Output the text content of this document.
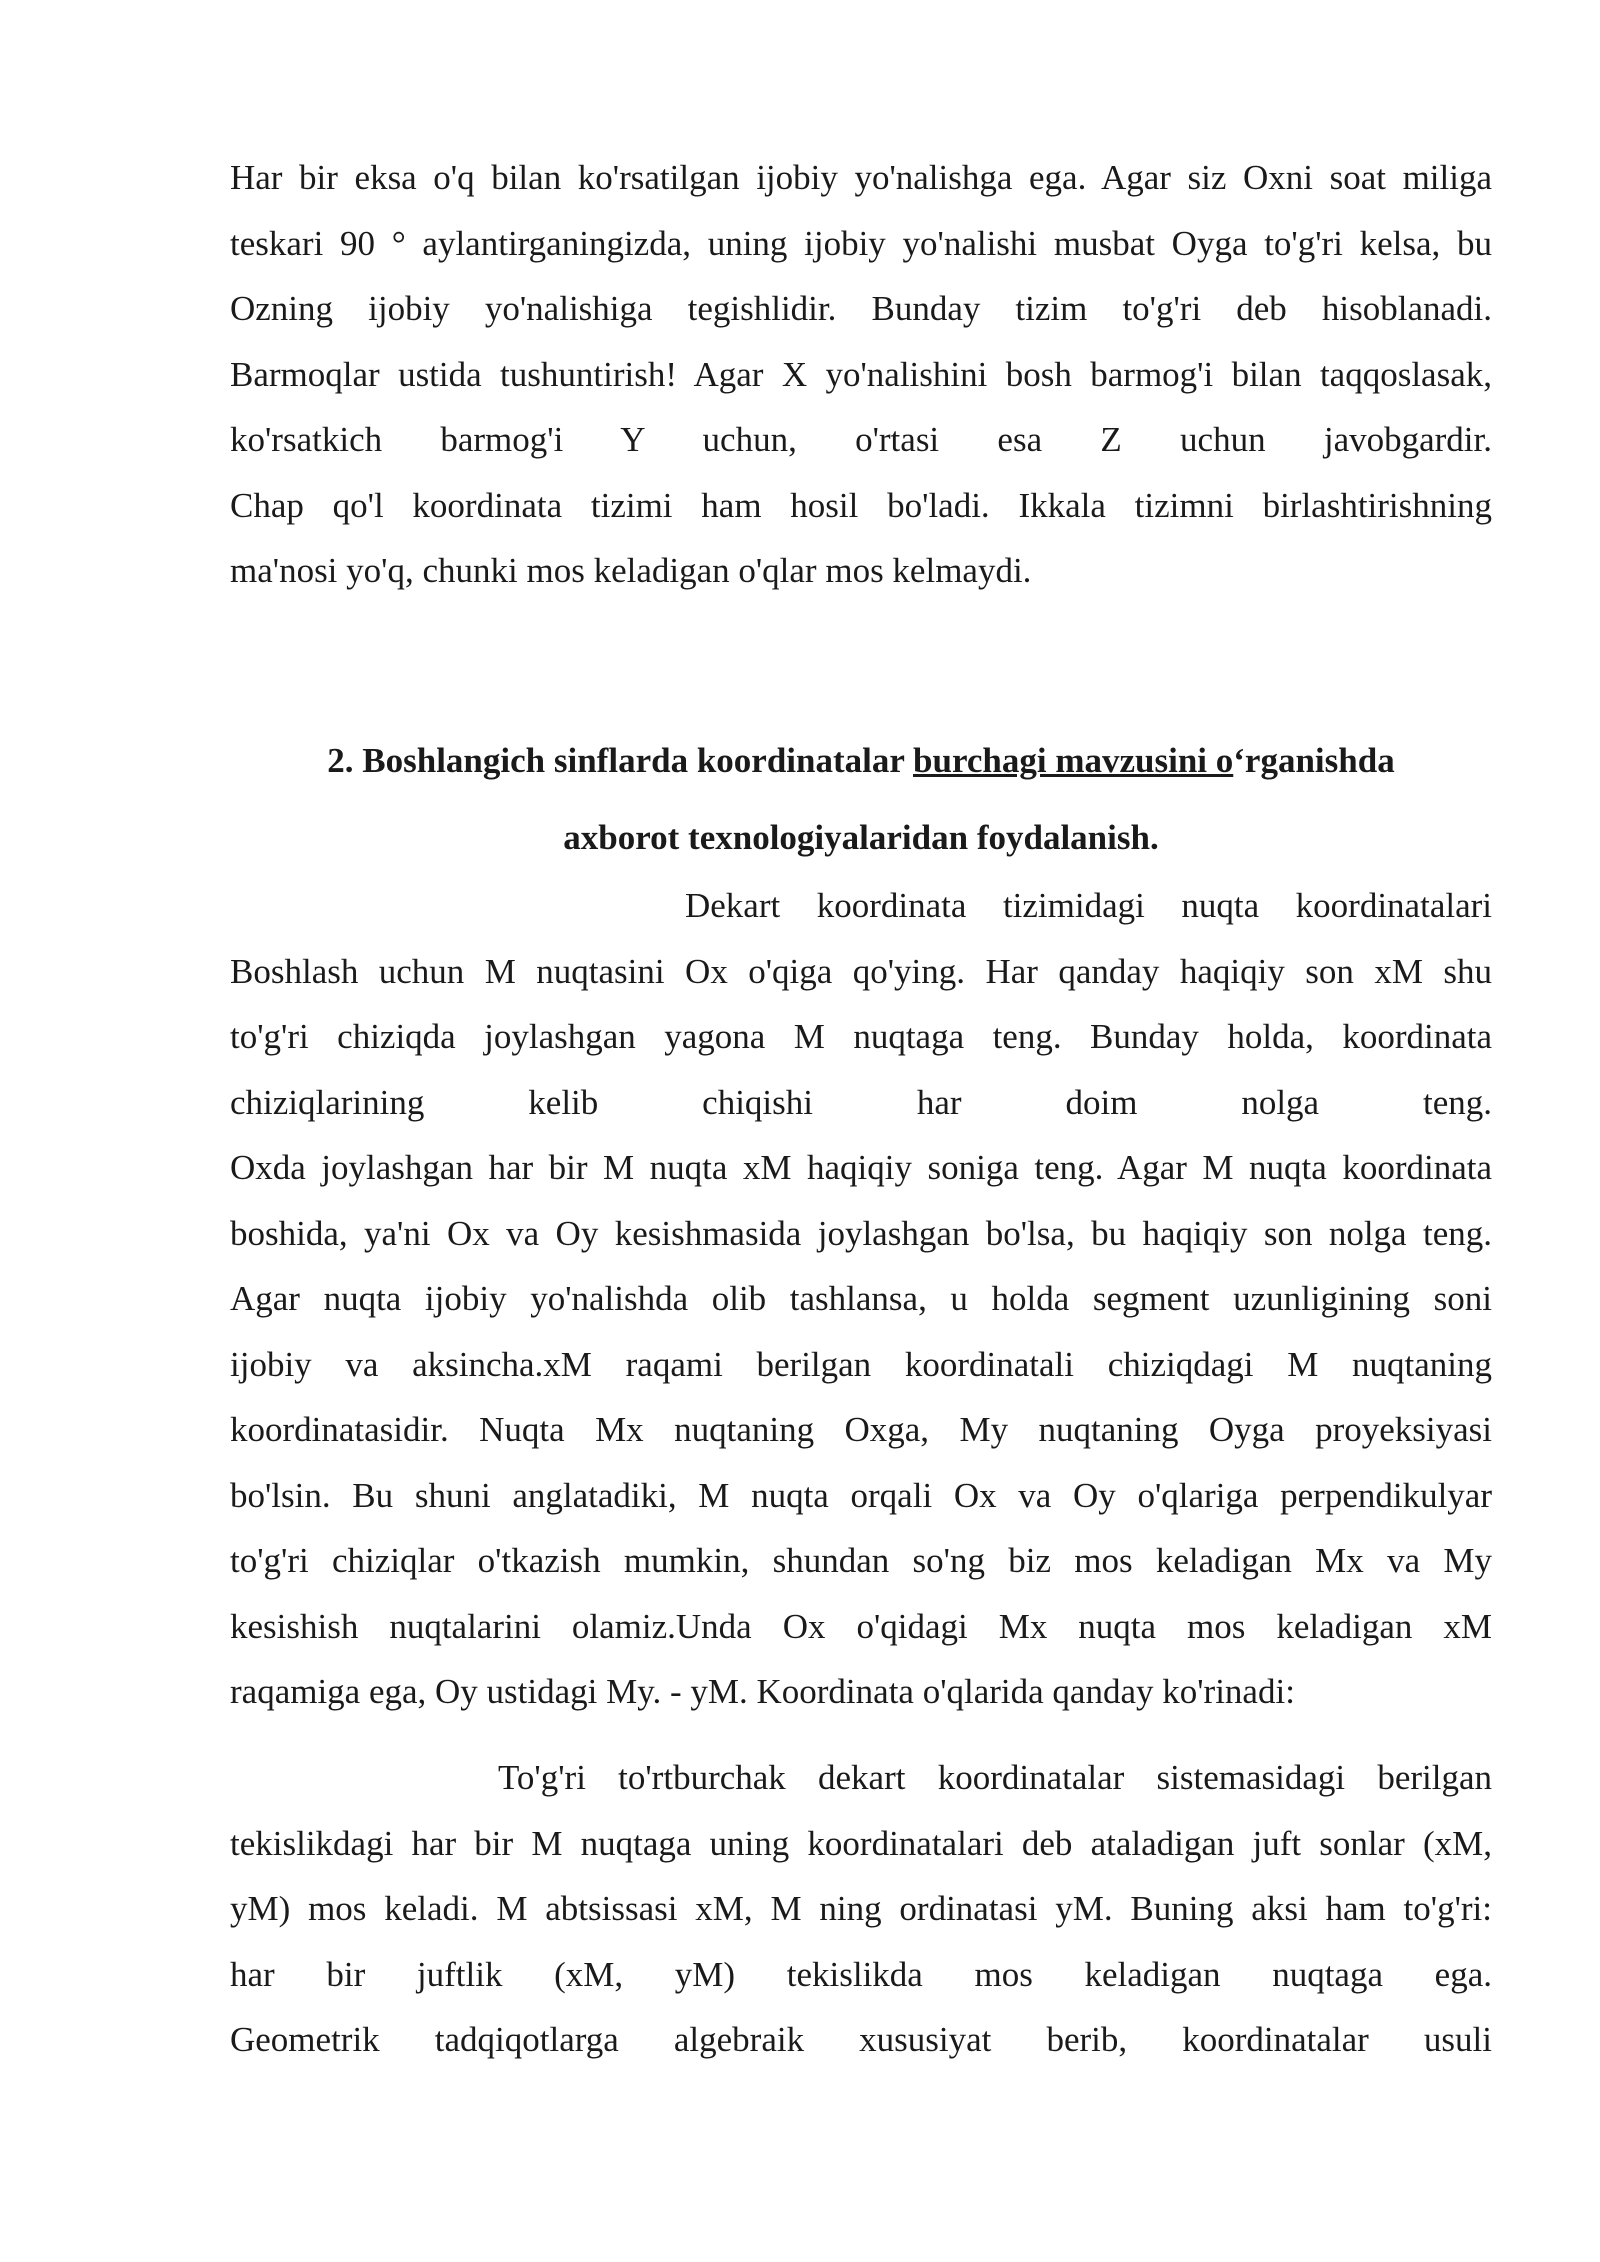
Har bir eksa o'q bilan ko'rsatilgan ijobiy yo'nalishga ega. Agar siz Oxni soat miliga
teskari 90 ° aylantirganingizda, uning ijobiy yo'nalishi musbat Oyga to'g'ri kelsa, bu
Ozning ijobiy yo'nalishiga tegishlidir. Bunday tizim to'g'ri deb hisoblanadi.
Barmoqlar ustida tushuntirish! Agar X yo'nalishini bosh barmog'i bilan taqqoslasak,
ko'rsatkich barmog'i Y uchun, o'rtasi esa Z uchun javobgardir.
Chap qo'l koordinata tizimi ham hosil bo'ladi. Ikkala tizimni birlashtirishning
ma'nosi yo'q, chunki mos keladigan o'qlar mos kelmaydi.
2. Boshlangich sinflarda koordinatalar burchagi mavzusini o‘rganishda
axborot texnologiyalaridan foydalanish.
Dekart koordinata tizimidagi nuqta koordinatalari
Boshlash uchun M nuqtasini Ox o'qiga qo'ying. Har qanday haqiqiy son xM shu
to'g'ri chiziqda joylashgan yagona M nuqtaga teng. Bunday holda, koordinata
chiziqlarining kelib chiqishi har doim nolga teng.
Oxda joylashgan har bir M nuqta xM haqiqiy soniga teng. Agar M nuqta koordinata
boshida, ya'ni Ox va Oy kesishmasida joylashgan bo'lsa, bu haqiqiy son nolga teng.
Agar nuqta ijobiy yo'nalishda olib tashlansa, u holda segment uzunligining soni
ijobiy va aksincha.xM raqami berilgan koordinatali chiziqdagi M nuqtaning
koordinatasidir. Nuqta Mx nuqtaning Oxga, My nuqtaning Oyga proyeksiyasi
bo'lsin. Bu shuni anglatadiki, M nuqta orqali Ox va Oy o'qlariga perpendikulyar
to'g'ri chiziqlar o'tkazish mumkin, shundan so'ng biz mos keladigan Mx va My
kesishish nuqtalarini olamiz.Unda Ox o'qidagi Mx nuqta mos keladigan xM
raqamiga ega, Oy ustidagi My. - yM. Koordinata o'qlarida qanday ko'rinadi:
To'g'ri to'rtburchak dekart koordinatalar sistemasidagi berilgan
tekislikdagi har bir M nuqtaga uning koordinatalari deb ataladigan juft sonlar (xM,
yM) mos keladi. M abtsissasi xM, M ning ordinatasi yM. Buning aksi ham to'g'ri:
har bir juftlik (xM, yM) tekislikda mos keladigan nuqtaga ega.
Geometrik tadqiqotlarga algebraik xususiyat berib, koordinatalar usuli
